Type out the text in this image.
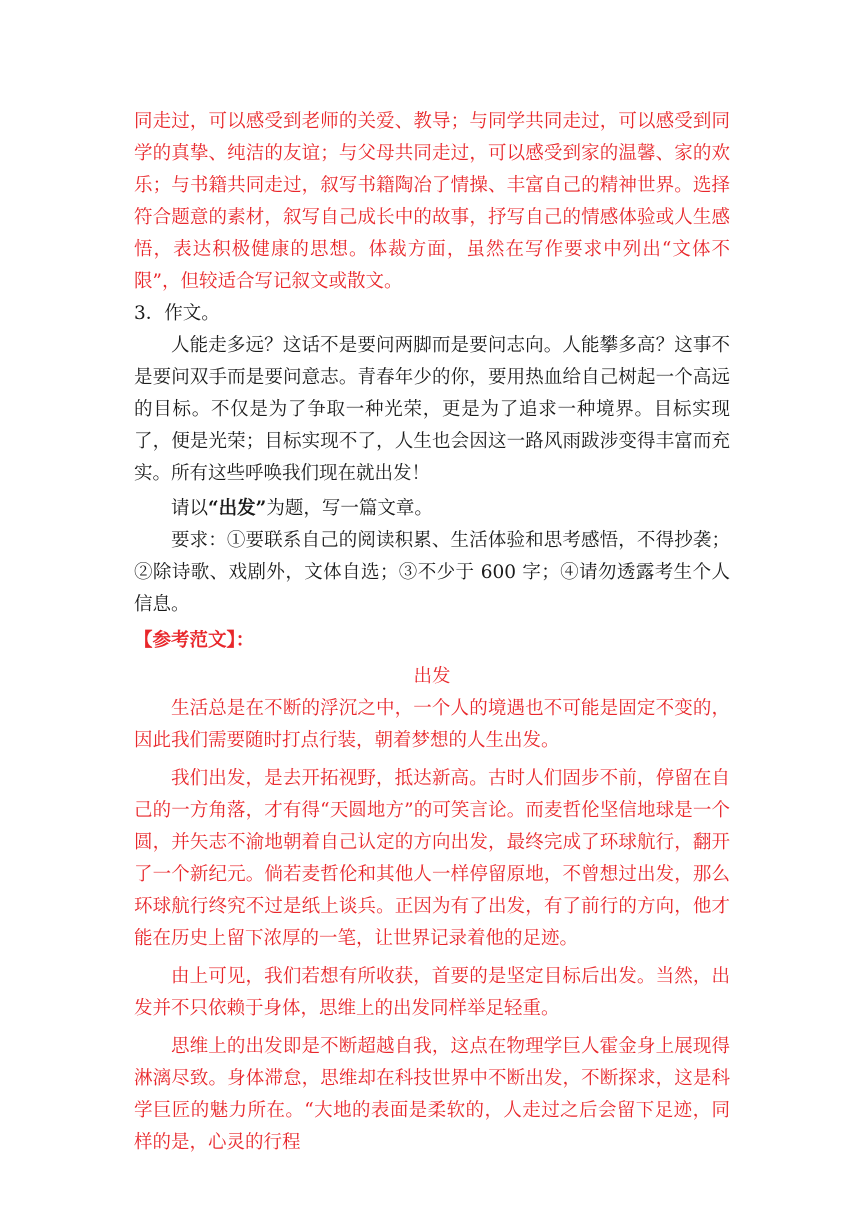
同走过，可以感受到老师的关爱、教导；与同学共同走过，可以感受到同学的真挚、纯洁的友谊；与父母共同走过，可以感受到家的温馨、家的欢乐；与书籍共同走过，叙写书籍陶冶了情操、丰富自己的精神世界。选择符合题意的素材，叙写自己成长中的故事，抒写自己的情感体验或人生感悟，表达积极健康的思想。体裁方面，虽然在写作要求中列出“文体不限”，但较适合写记叙文或散文。

3．作文。

人能走多远？这话不是要问两脚而是要问志向。人能攀多高？这事不是要问双手而是要问意志。青春年少的你，要用热血给自己树起一个高远的目标。不仅是为了争取一种光荣，更是为了追求一种境界。目标实现了，便是光荣；目标实现不了，人生也会因这一路风雨跋涉变得丰富而充实。所有这些呼唤我们现在就出发！

请以“出发”为题，写一篇文章。

要求：①要联系自己的阅读积累、生活体验和思考感悟，不得抄袭；②除诗歌、戏剧外，文体自选；③不少于 600 字；④请勿透露考生个人信息。

【参考范文】：

出发

生活总是在不断的浮沉之中，一个人的境遇也不可能是固定不变的，因此我们需要随时打点行装，朝着梦想的人生出发。

我们出发，是去开拓视野，抵达新高。古时人们固步不前，停留在自己的一方角落，才有得“天圆地方”的可笑言论。而麦哲伦坚信地球是一个圆，并矢志不渝地朝着自己认定的方向出发，最终完成了环球航行，翻开了一个新纪元。倘若麦哲伦和其他人一样停留原地，不曾想过出发，那么环球航行终究不过是纸上谈兵。正因为有了出发，有了前行的方向，他才能在历史上留下浓厚的一笔，让世界记录着他的足迹。

由上可见，我们若想有所收获，首要的是坚定目标后出发。当然，出发并不只依赖于身体，思维上的出发同样举足轻重。

思维上的出发即是不断超越自我，这点在物理学巨人霍金身上展现得淋漓尽致。身体滞怠，思维却在科技世界中不断出发，不断探求，这是科学巨匠的魅力所在。“大地的表面是柔软的，人走过之后会留下足迹，同样的是，心灵的行程
